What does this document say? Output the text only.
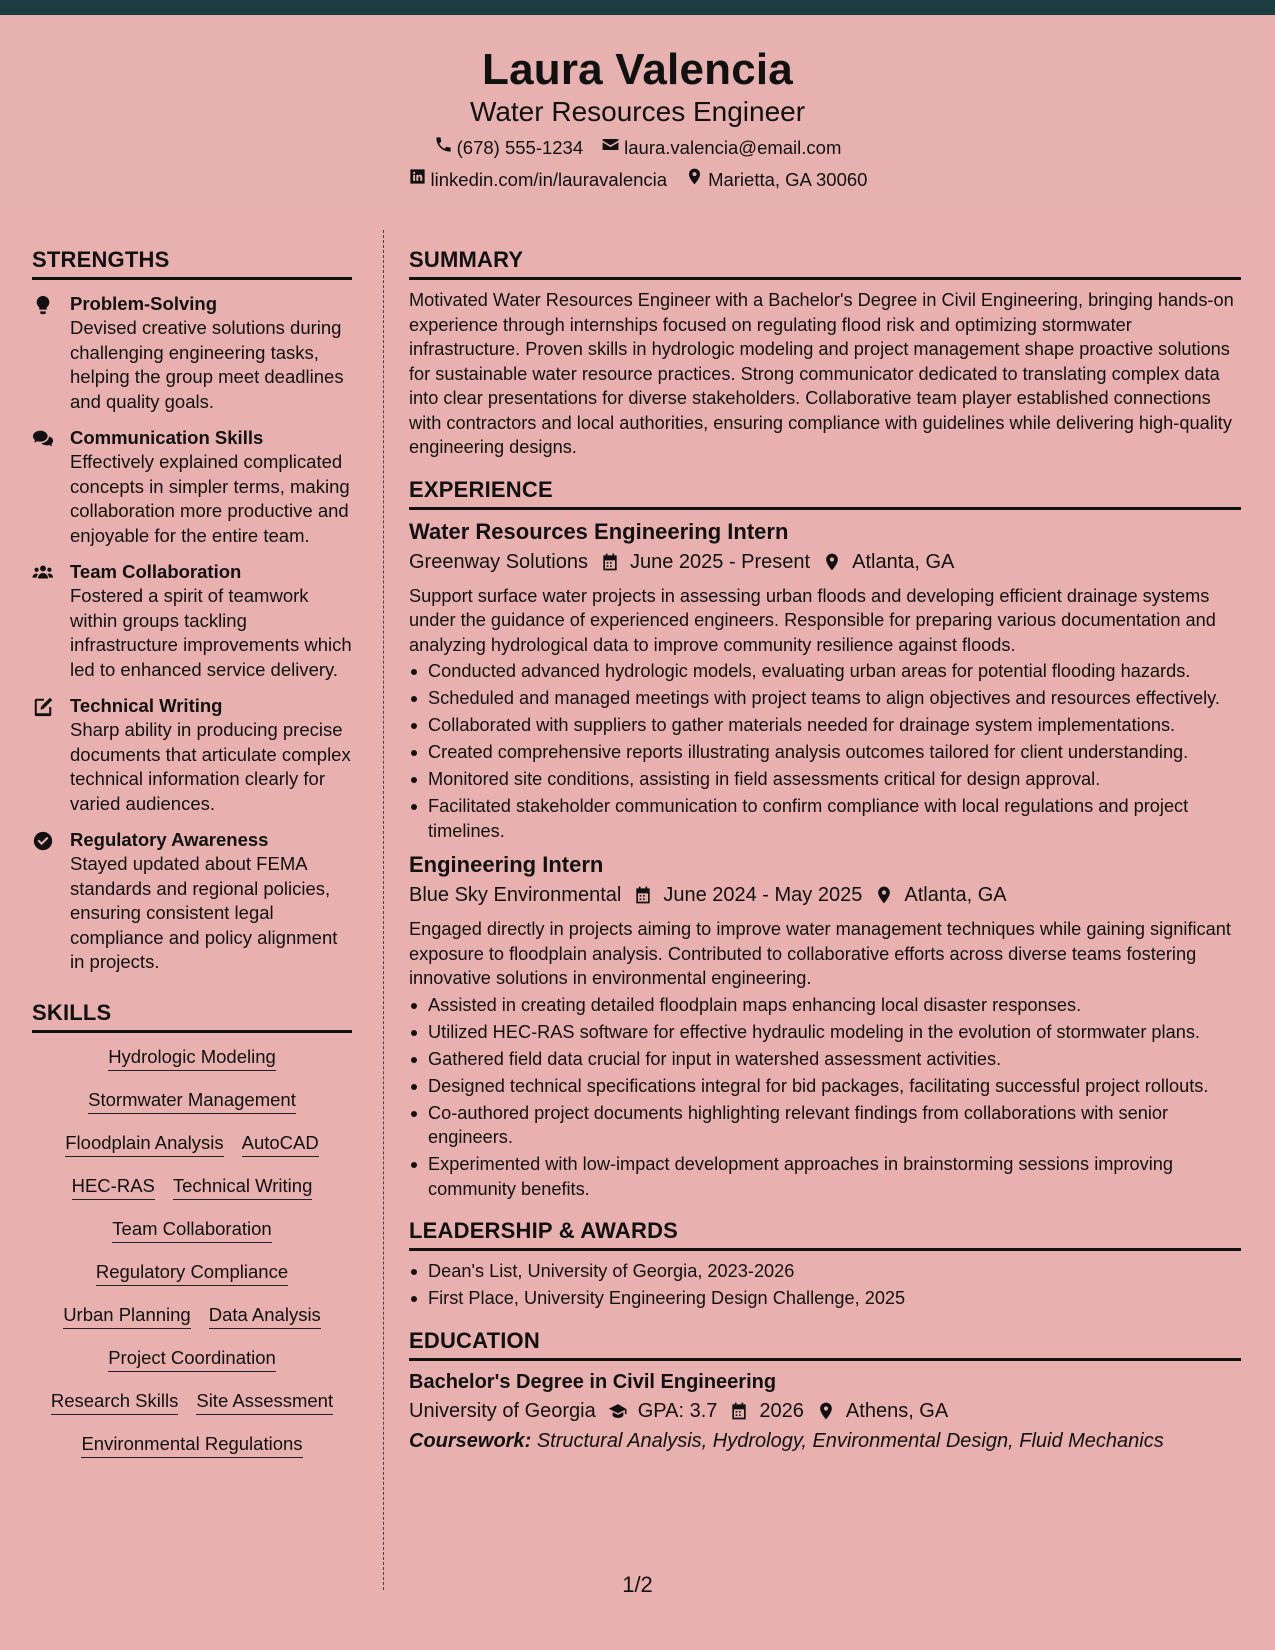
Laura Valencia
Water Resources Engineer
(678) 555-1234 laura.valencia@email.com
linkedin.com/in/lauravalencia Marietta, GA 30060
STRENGTHS
Problem-Solving
Devised creative solutions during challenging engineering tasks, helping the group meet deadlines and quality goals.
Communication Skills
Effectively explained complicated concepts in simpler terms, making collaboration more productive and enjoyable for the entire team.
Team Collaboration
Fostered a spirit of teamwork within groups tackling infrastructure improvements which led to enhanced service delivery.
Technical Writing
Sharp ability in producing precise documents that articulate complex technical information clearly for varied audiences.
Regulatory Awareness
Stayed updated about FEMA standards and regional policies, ensuring consistent legal compliance and policy alignment in projects.
SKILLS
Hydrologic Modeling
Stormwater Management
Floodplain Analysis AutoCAD
HEC-RAS Technical Writing
Team Collaboration
Regulatory Compliance
Urban Planning Data Analysis
Project Coordination
Research Skills Site Assessment
Environmental Regulations
SUMMARY
Motivated Water Resources Engineer with a Bachelor's Degree in Civil Engineering, bringing hands-on experience through internships focused on regulating flood risk and optimizing stormwater infrastructure. Proven skills in hydrologic modeling and project management shape proactive solutions for sustainable water resource practices. Strong communicator dedicated to translating complex data into clear presentations for diverse stakeholders. Collaborative team player established connections with contractors and local authorities, ensuring compliance with guidelines while delivering high-quality engineering designs.
EXPERIENCE
Water Resources Engineering Intern
Greenway Solutions June 2025 - Present Atlanta, GA
Support surface water projects in assessing urban floods and developing efficient drainage systems under the guidance of experienced engineers. Responsible for preparing various documentation and analyzing hydrological data to improve community resilience against floods.
Conducted advanced hydrologic models, evaluating urban areas for potential flooding hazards.
Scheduled and managed meetings with project teams to align objectives and resources effectively.
Collaborated with suppliers to gather materials needed for drainage system implementations.
Created comprehensive reports illustrating analysis outcomes tailored for client understanding.
Monitored site conditions, assisting in field assessments critical for design approval.
Facilitated stakeholder communication to confirm compliance with local regulations and project timelines.
Engineering Intern
Blue Sky Environmental June 2024 - May 2025 Atlanta, GA
Engaged directly in projects aiming to improve water management techniques while gaining significant exposure to floodplain analysis. Contributed to collaborative efforts across diverse teams fostering innovative solutions in environmental engineering.
Assisted in creating detailed floodplain maps enhancing local disaster responses.
Utilized HEC-RAS software for effective hydraulic modeling in the evolution of stormwater plans.
Gathered field data crucial for input in watershed assessment activities.
Designed technical specifications integral for bid packages, facilitating successful project rollouts.
Co-authored project documents highlighting relevant findings from collaborations with senior engineers.
Experimented with low-impact development approaches in brainstorming sessions improving community benefits.
LEADERSHIP & AWARDS
Dean's List, University of Georgia, 2023-2026
First Place, University Engineering Design Challenge, 2025
EDUCATION
Bachelor's Degree in Civil Engineering
University of Georgia GPA: 3.7 2026 Athens, GA
Coursework: Structural Analysis, Hydrology, Environmental Design, Fluid Mechanics
1/2
